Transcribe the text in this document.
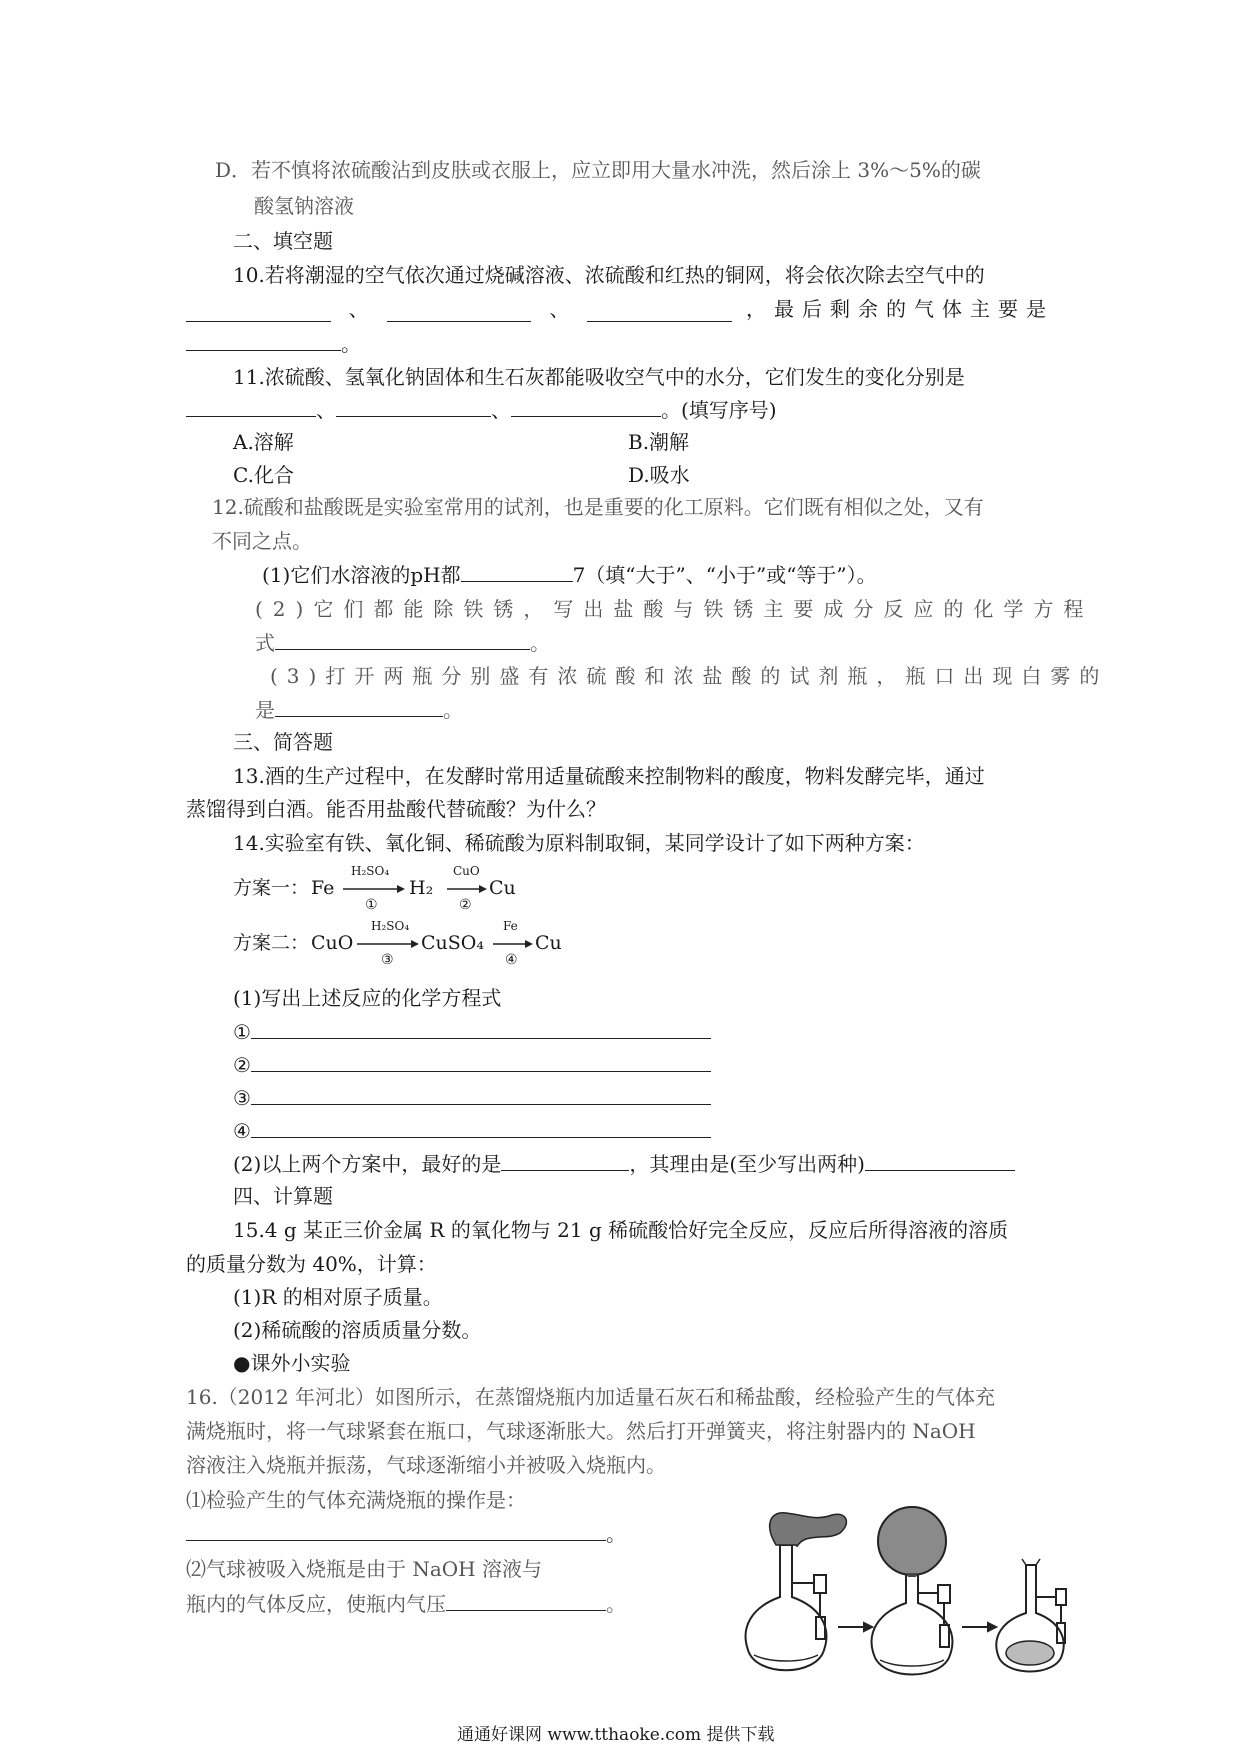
D．若不慎将浓硫酸沾到皮肤或衣服上，应立即用大量水冲洗，然后涂上 3%～5%的碳
酸氢钠溶液
二、填空题
10.若将潮湿的空气依次通过烧碱溶液、浓硫酸和红热的铜网，将会依次除去空气中的
、	、	，最后剩余的气体主要是
。
11.浓硫酸、氢氧化钠固体和生石灰都能吸收空气中的水分，它们发生的变化分别是
、	、	。(填写序号)
A.溶解	B.潮解
C.化合	D.吸水
12.硫酸和盐酸既是实验室常用的试剂，也是重要的化工原料。它们既有相似之处，又有
不同之点。
(1)它们水溶液的pH都	7（填“大于”、“小于”或“等于”）。
(2)它们都能除铁锈，写出盐酸与铁锈主要成分反应的化学方程
式	。
(3)打开两瓶分别盛有浓硫酸和浓盐酸的试剂瓶，瓶口出现白雾的
是	。
三、简答题
13.酒的生产过程中，在发酵时常用适量硫酸来控制物料的酸度，物料发酵完毕，通过
蒸馏得到白酒。能否用盐酸代替硫酸？为什么？
14.实验室有铁、氧化铜、稀硫酸为原料制取铜，某同学设计了如下两种方案：
方案一： Fe
H₂SO₄
①
H₂
CuO
②
Cu
方案二： CuO
H₂SO₄
③
CuSO₄
Fe
④
Cu
(1)写出上述反应的化学方程式
①
②
③
④
(2)以上两个方案中，最好的是	，其理由是(至少写出两种)
四、计算题
15.4 g 某正三价金属 R 的氧化物与 21 g 稀硫酸恰好完全反应，反应后所得溶液的溶质
的质量分数为 40%，计算：
(1)R 的相对原子质量。
(2)稀硫酸的溶质质量分数。
●课外小实验
16.（2012 年河北）如图所示，在蒸馏烧瓶内加适量石灰石和稀盐酸，经检验产生的气体充
满烧瓶时，将一气球紧套在瓶口，气球逐渐胀大。然后打开弹簧夹，将注射器内的 NaOH
溶液注入烧瓶并振荡，气球逐渐缩小并被吸入烧瓶内。
⑴检验产生的气体充满烧瓶的操作是：
。
⑵气球被吸入烧瓶是由于 NaOH 溶液与
瓶内的气体反应，使瓶内气压	。
通通好课网 www.tthaoke.com 提供下载
